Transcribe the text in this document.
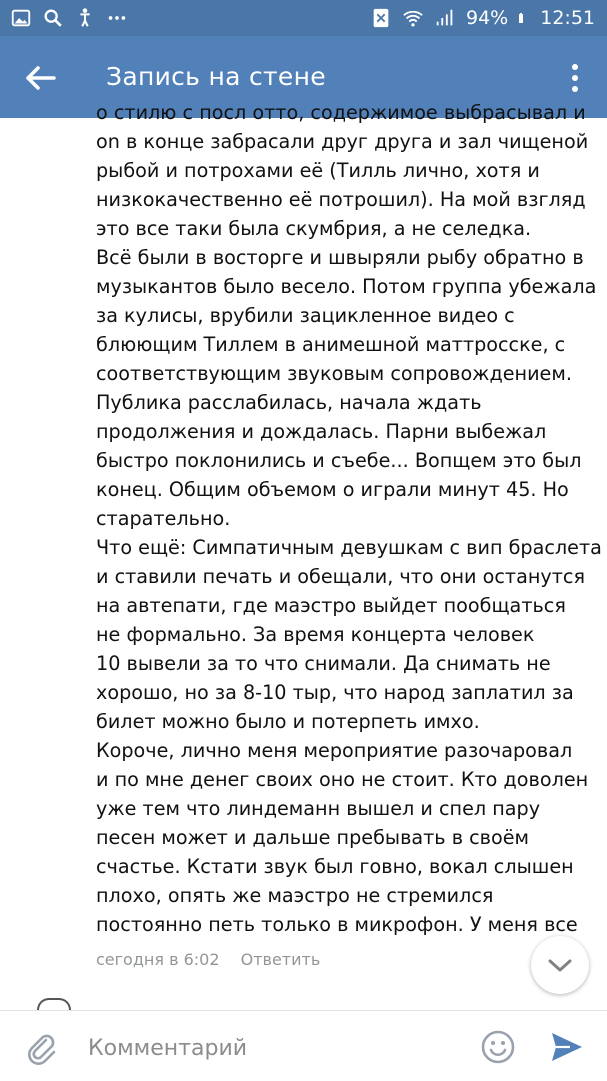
94% 12:51
Запись на стене
о стилю с посл отто, содержимое выбрасывал и
on в конце забрасали друг друга и зал чищеной
рыбой и потрохами её (Тилль лично, хотя и
низкокачественно её потрошил). На мой взгляд
это все таки была скумбрия, а не селедка.
Всё были в восторге и швыряли рыбу обратно в
музыкантов было весело. Потом группа убежала
за кулисы, врубили зацикленное видео с
блюющим Тиллем в анимешной маттросске, с
соответствующим звуковым сопровождением.
Публика расслабилась, начала ждать
продолжения и дождалась. Парни выбежал
быстро поклонились и съебе... Вопщем это был
конец. Общим объемом о играли минут 45. Но
старательно.
Что ещё: Симпатичным девушкам с вип браслета
и ставили печать и обещали, что они останутся
на автепати, где маэстро выйдет пообщаться
не формально. За время концерта человек
10 вывели за то что снимали. Да снимать не
хорошо, но за 8-10 тыр, что народ заплатил за
билет можно было и потерпеть имхо.
Короче, лично меня мероприятие разочаровал
и по мне денег своих оно не стоит. Кто доволен
уже тем что линдеманн вышел и спел пару
песен может и дальше пребывать в своём
счастье. Кстати звук был говно, вокал слышен
плохо, опять же маэстро не стремился
постоянно петь только в микрофон. У меня все
сегодня в 6:02 Ответить
Комментарий
